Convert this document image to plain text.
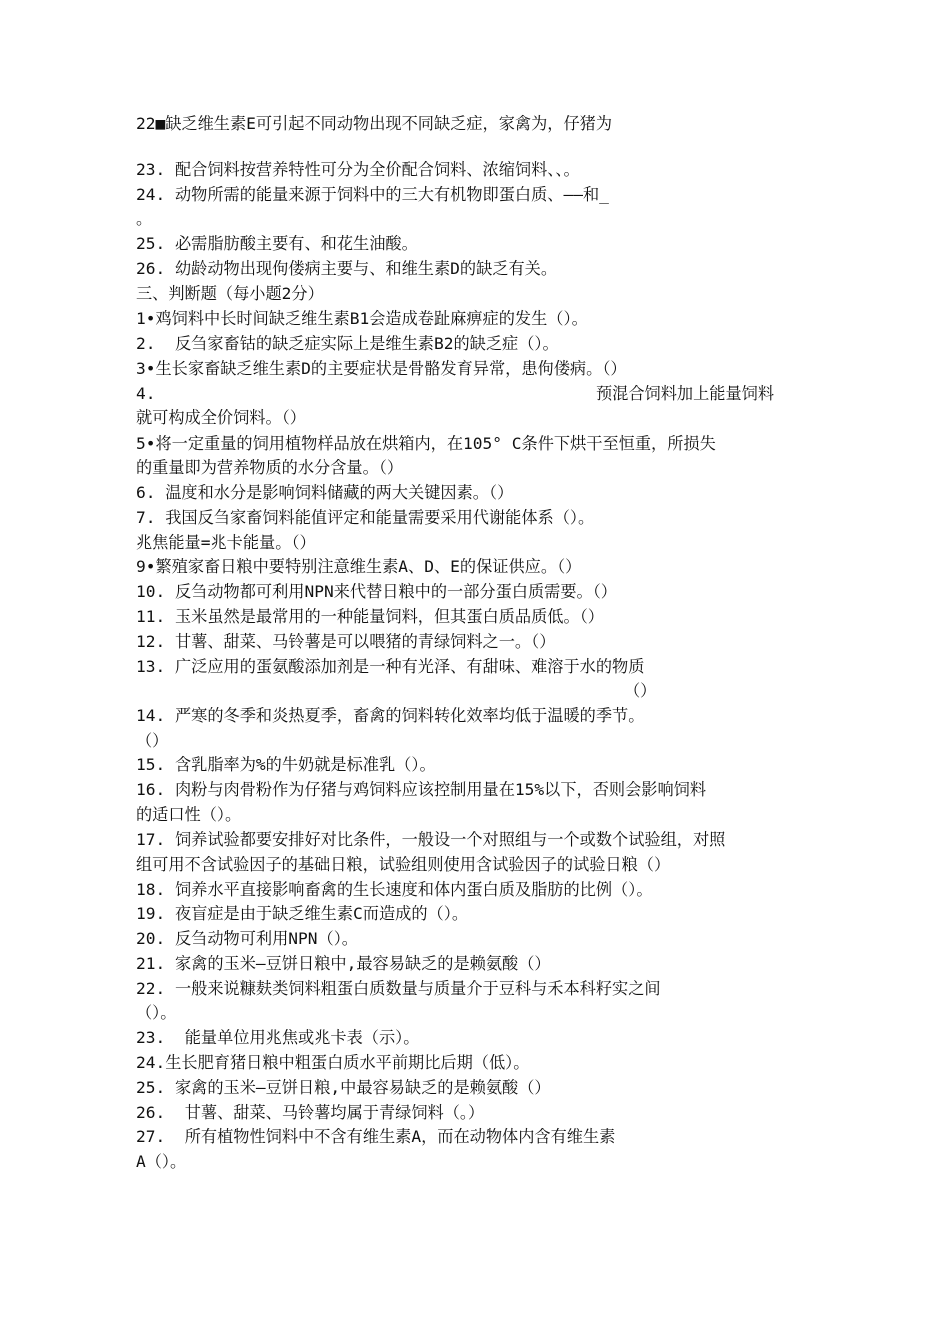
22■缺乏维生素E可引起不同动物出现不同缺乏症，家禽为，仔猪为
23. 配合饲料按营养特性可分为全价配合饲料、浓缩饲料、、。
24. 动物所需的能量来源于饲料中的三大有机物即蛋白质、——和_
。
25. 必需脂肪酸主要有、和花生油酸。
26. 幼龄动物出现佝偻病主要与、和维生素D的缺乏有关。
三、判断题（每小题2分）
1•鸡饲料中长时间缺乏维生素B1会造成卷趾麻痹症的发生（）。
2.  反刍家畜钴的缺乏症实际上是维生素B2的缺乏症（）。
3•生长家畜缺乏维生素D的主要症状是骨骼发育异常，患佝偻病。（）
4.	预混合饲料加上能量饲料
就可构成全价饲料。（）
5•将一定重量的饲用植物样品放在烘箱内，在105° C条件下烘干至恒重，所损失
的重量即为营养物质的水分含量。（）
6. 温度和水分是影响饲料储藏的两大关键因素。（）
7. 我国反刍家畜饲料能值评定和能量需要采用代谢能体系（）。
兆焦能量=兆卡能量。（）
9•繁殖家畜日粮中要特别注意维生素A、D、E的保证供应。（）
10. 反刍动物都可利用NPN来代替日粮中的一部分蛋白质需要。（）
11. 玉米虽然是最常用的一种能量饲料，但其蛋白质品质低。（）
12. 甘薯、甜菜、马铃薯是可以喂猪的青绿饲料之一。（）
13. 广泛应用的蛋氨酸添加剂是一种有光泽、有甜味、难溶于水的物质
（）
14. 严寒的冬季和炎热夏季，畜禽的饲料转化效率均低于温暖的季节。
（）
15. 含乳脂率为%的牛奶就是标准乳（）。
16. 肉粉与肉骨粉作为仔猪与鸡饲料应该控制用量在15%以下，否则会影响饲料
的适口性（）。
17. 饲养试验都要安排好对比条件，一般设一个对照组与一个或数个试验组，对照
组可用不含试验因子的基础日粮，试验组则使用含试验因子的试验日粮（）
18. 饲养水平直接影响畜禽的生长速度和体内蛋白质及脂肪的比例（）。
19. 夜盲症是由于缺乏维生素C而造成的（）。
20. 反刍动物可利用NPN（）。
21. 家禽的玉米—豆饼日粮中,最容易缺乏的是赖氨酸（）
22. 一般来说糠麸类饲料粗蛋白质数量与质量介于豆科与禾本科籽实之间
（）。
23.  能量单位用兆焦或兆卡表（示）。
24.生长肥育猪日粮中粗蛋白质水平前期比后期（低）。
25. 家禽的玉米—豆饼日粮,中最容易缺乏的是赖氨酸（）
26.  甘薯、甜菜、马铃薯均属于青绿饲料（。）
27.  所有植物性饲料中不含有维生素A，而在动物体内含有维生素
A（）。
